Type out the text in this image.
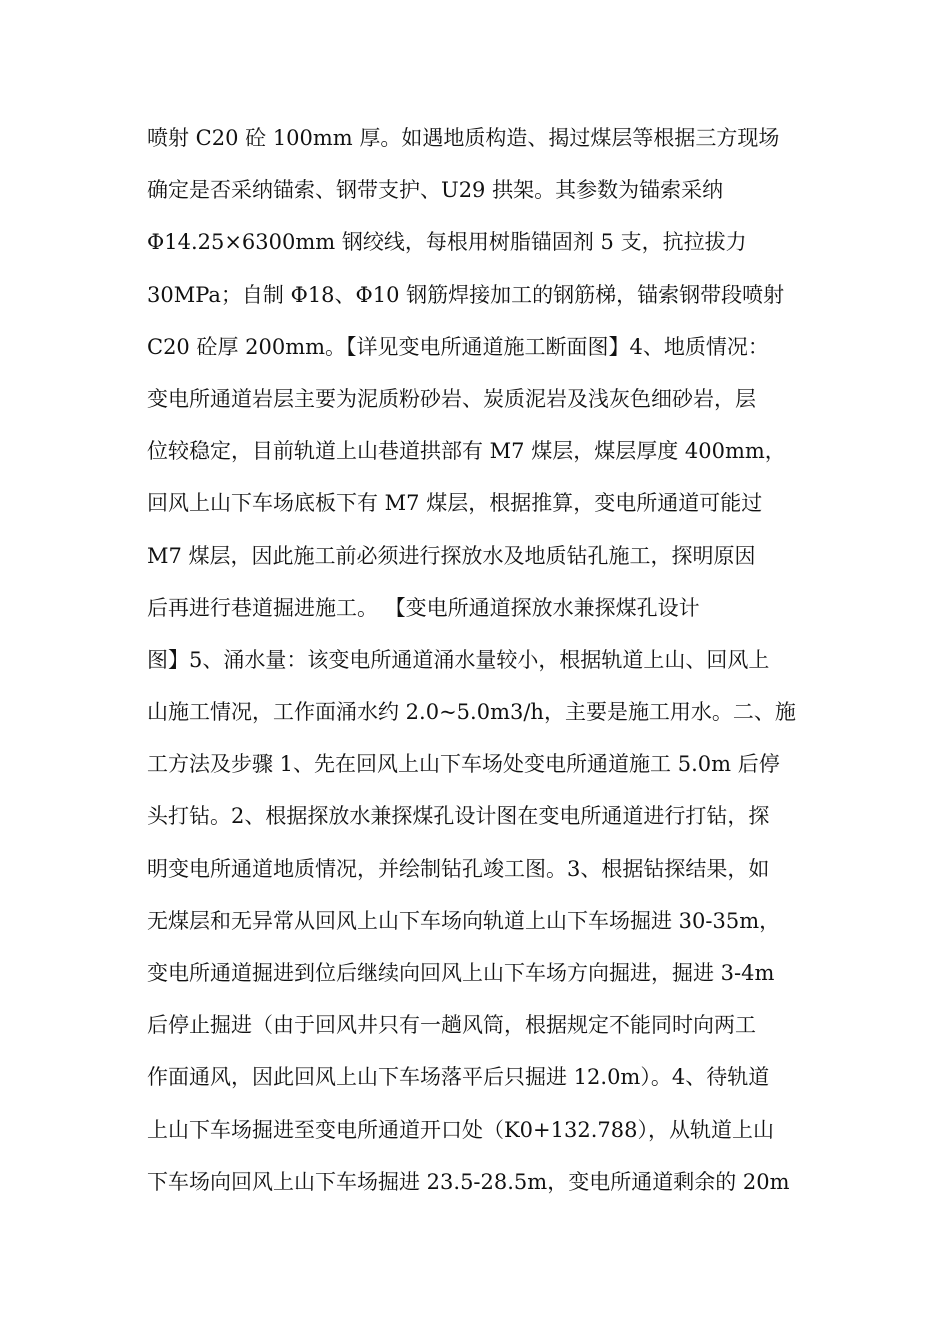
喷射 C20 砼 100mm 厚。如遇地质构造、揭过煤层等根据三方现场
确定是否采纳锚索、钢带支护、U29 拱架。其参数为锚索采纳
Φ14.25×6300mm 钢绞线，每根用树脂锚固剂 5 支，抗拉拔力
30MPa；自制 Φ18、Φ10 钢筋焊接加工的钢筋梯，锚索钢带段喷射
C20 砼厚 200mm。【详见变电所通道施工断面图】4、地质情况：
变电所通道岩层主要为泥质粉砂岩、炭质泥岩及浅灰色细砂岩，层
位较稳定，目前轨道上山巷道拱部有 M7 煤层，煤层厚度 400mm，
回风上山下车场底板下有 M7 煤层，根据推算，变电所通道可能过
M7 煤层，因此施工前必须进行探放水及地质钻孔施工，探明原因
后再进行巷道掘进施工。 【变电所通道探放水兼探煤孔设计
图】5、涌水量：该变电所通道涌水量较小，根据轨道上山、回风上
山施工情况，工作面涌水约 2.0~5.0m3/h，主要是施工用水。二、施
工方法及步骤 1、先在回风上山下车场处变电所通道施工 5.0m 后停
头打钻。2、根据探放水兼探煤孔设计图在变电所通道进行打钻，探
明变电所通道地质情况，并绘制钻孔竣工图。3、根据钻探结果，如
无煤层和无异常从回风上山下车场向轨道上山下车场掘进 30-35m，
变电所通道掘进到位后继续向回风上山下车场方向掘进，掘进 3-4m
后停止掘进（由于回风井只有一趟风筒，根据规定不能同时向两工
作面通风，因此回风上山下车场落平后只掘进 12.0m）。4、待轨道
上山下车场掘进至变电所通道开口处（K0+132.788），从轨道上山
下车场向回风上山下车场掘进 23.5-28.5m，变电所通道剩余的 20m
